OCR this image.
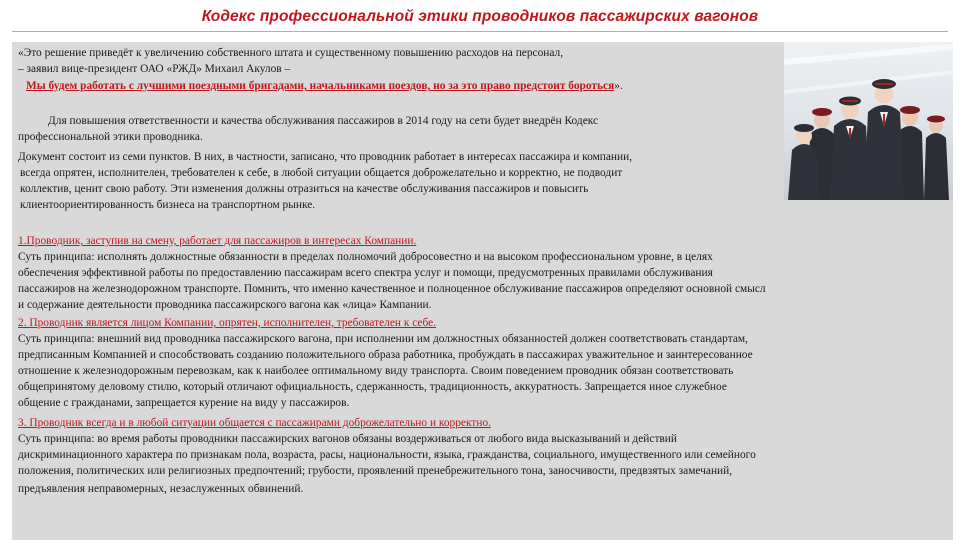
Кодекс профессиональной этики проводников пассажирских вагонов
«Это решение приведёт к увеличению собственного штата и существенному повышению расходов на персонал,
– заявил вице-президент ОАО «РЖД» Михаил Акулов –
Мы будем работать с лучшими поездными бригадами, начальниками поездов, но за это право предстоит бороться».
Для повышения ответственности и качества обслуживания пассажиров в 2014 году на сети будет внедрён Кодекс
профессиональной этики проводника.
Документ состоит из семи пунктов. В них, в частности, записано, что проводник работает в интересах пассажира и компании,
всегда опрятен, исполнителен, требователен к себе, в любой ситуации общается доброжелательно и корректно, не подводит
коллектив, ценит свою работу. Эти изменения должны отразиться на качестве обслуживания пассажиров и повысить
клиентоориентированность бизнеса на транспортном рынке.
1.Проводник, заступив на смену, работает для пассажиров в интересах Компании.
Суть принципа: исполнять должностные обязанности в пределах полномочий добросовестно и на высоком профессиональном уровне, в целях
обеспечения эффективной работы по предоставлению пассажирам всего спектра услуг и помощи, предусмотренных правилами обслуживания
пассажиров на железнодорожном транспорте. Помнить, что именно качественное и полноценное обслуживание пассажиров определяют основной смысл
и содержание деятельности проводника пассажирского вагона как «лица» Кампании.
2. Проводник является лицом Компании, опрятен, исполнителен, требователен к себе.
Суть принципа: внешний вид проводника пассажирского вагона, при исполнении им должностных обязанностей должен соответствовать стандартам,
предписанным Компанией и способствовать созданию положительного образа работника, пробуждать в пассажирах уважительное и заинтересованное
отношение к железнодорожным перевозкам, как к наиболее оптимальному виду транспорта. Своим поведением проводник обязан соответствовать
общепринятому деловому стилю, который отличают официальность, сдержанность, традиционность, аккуратность. Запрещается иное служебное
общение с гражданами, запрещается курение на виду у пассажиров.
3. Проводник всегда и в любой ситуации общается с пассажирами доброжелательно и корректно.
Суть принципа: во время работы проводники пассажирских вагонов обязаны воздерживаться от любого вида высказываний и действий
дискриминационного характера по признакам пола, возраста, расы, национальности, языка, гражданства, социального, имущественного или семейного
положения, политических или религиозных предпочтений; грубости, проявлений пренебрежительного тона, заносчивости, предвзятых замечаний,
предъявления неправомерных, незаслуженных обвинений.
